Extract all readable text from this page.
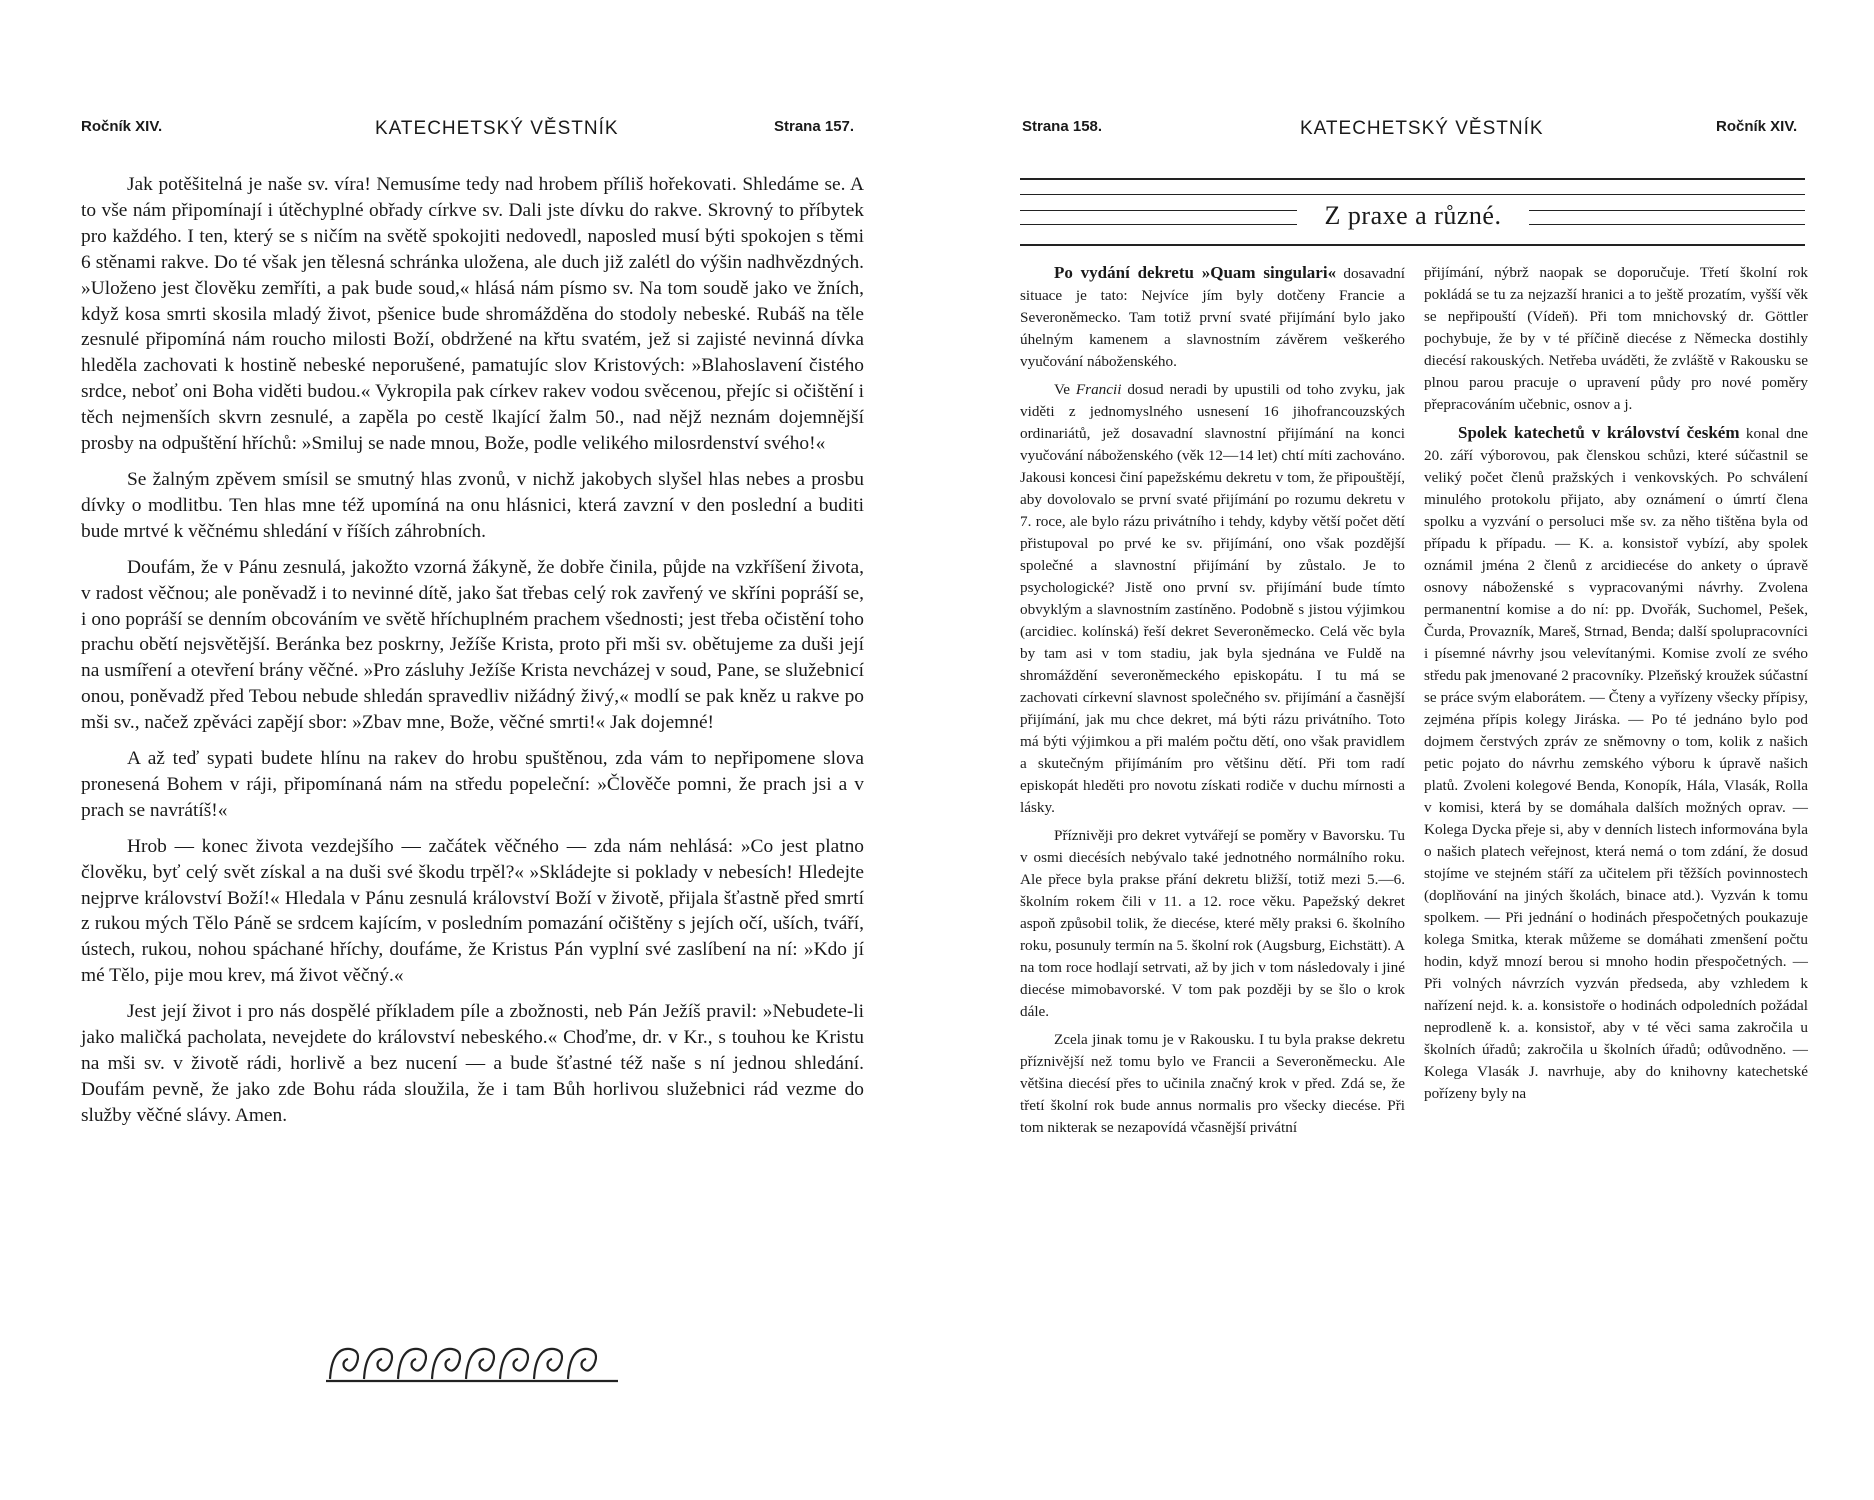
Ročník XIV.	KATECHETSKÝ VĚSTNÍK	Strana 157.

Jak potěšitelná je naše sv. víra! Nemusíme tedy nad hrobem příliš hořekovati. Shledáme se. A to vše nám připomínají i útěchyplné obřady církve sv. Dali jste dívku do rakve. Skrovný to příbytek pro každého. I ten, který se s ničím na světě spokojiti nedovedl, naposled musí býti spokojen s těmi 6 stěnami rakve. Do té však jen tělesná schránka uložena, ale duch již zalétl do výšin nadhvězdných. »Uloženo jest člověku zemříti, a pak bude soud,« hlásá nám písmo sv. Na tom soudě jako ve žních, když kosa smrti skosila mladý život, pšenice bude shromážděna do stodoly nebeské. Rubáš na těle zesnulé připomíná nám roucho milosti Boží, obdržené na křtu svatém, jež si zajisté nevinná dívka hleděla zachovati k hostině nebeské neporušené, pamatujíc slov Kristových: »Blahoslavení čistého srdce, neboť oni Boha viděti budou.« Vykropila pak církev rakev vodou svěcenou, přejíc si očištění i těch nejmenších skvrn zesnulé, a zapěla po cestě lkající žalm 50., nad nějž neznám dojemnější prosby na odpuštění hříchů: »Smiluj se nade mnou, Bože, podle velikého milosrdenství svého!«

Se žalným zpěvem smísil se smutný hlas zvonů, v nichž jakobych slyšel hlas nebes a prosbu dívky o modlitbu. Ten hlas mne též upomíná na onu hlásnici, která zavzní v den poslední a buditi bude mrtvé k věčnému shledání v říších záhrobních.

Doufám, že v Pánu zesnulá, jakožto vzorná žákyně, že dobře činila, půjde na vzkříšení života, v radost věčnou; ale poněvadž i to nevinné dítě, jako šat třebas celý rok zavřený ve skříni popráší se, i ono popráší se denním obcováním ve světě hříchuplném prachem všednosti; jest třeba očistění toho prachu obětí nejsvětější. Beránka bez poskrny, Ježíše Krista, proto při mši sv. obětujeme za duši její na usmíření a otevření brány věčné. »Pro zásluhy Ježíše Krista nevcházej v soud, Pane, se služebnicí onou, poněvadž před Tebou nebude shledán spravedliv nižádný živý,« modlí se pak kněz u rakve po mši sv., načež zpěváci zapějí sbor: »Zbav mne, Bože, věčné smrti!« Jak dojemné!

A až teď sypati budete hlínu na rakev do hrobu spuštěnou, zda vám to nepřipomene slova pronesená Bohem v ráji, připomínaná nám na středu popeleční: »Člověče pomni, že prach jsi a v prach se navrátíš!«

Hrob — konec života vezdejšího — začátek věčného — zda nám nehlásá: »Co jest platno člověku, byť celý svět získal a na duši své škodu trpěl?« »Skládejte si poklady v nebesích! Hledejte nejprve království Boží!« Hledala v Pánu zesnulá království Boží v životě, přijala šťastně před smrtí z rukou mých Tělo Páně se srdcem kajícím, v posledním pomazání očištěny s jejích očí, uších, tváří, ústech, rukou, nohou spáchané hříchy, doufáme, že Kristus Pán vyplní své zaslíbení na ní: »Kdo jí mé Tělo, pije mou krev, má život věčný.«

Jest její život i pro nás dospělé příkladem píle a zbožnosti, neb Pán Ježíš pravil: »Nebudete-li jako maličká pacholata, nevejdete do království nebeského.« Choďme, dr. v Kr., s touhou ke Kristu na mši sv. v životě rádi, horlivě a bez nucení — a bude šťastné též naše s ní jednou shledání. Doufám pevně, že jako zde Bohu ráda sloužila, že i tam Bůh horlivou služebnici rád vezme do služby věčné slávy. Amen.

Strana 158.	KATECHETSKÝ VĚSTNÍK	Ročník XIV.
Z praxe a různé.

Po vydání dekretu »Quam singulari« dosavadní situace je tato: Nejvíce jím byly dotčeny Francie a Severoněmecko. Tam totiž první svaté přijímání bylo jako úhelným kamenem a slavnostním závěrem veškerého vyučování náboženského.

Ve Francii dosud neradi by upustili od toho zvyku, jak viděti z jednomyslného usnesení 16 jihofrancouzských ordinariátů, jež dosavadní slavnostní přijímání na konci vyučování náboženského (věk 12—14 let) chtí míti zachováno. Jakousi koncesi činí papežskému dekretu v tom, že připouštějí, aby dovolovalo se první svaté přijímání po rozumu dekretu v 7. roce, ale bylo rázu privátního i tehdy, kdyby větší počet dětí přistupoval po prvé ke sv. přijímání, ono však pozdější společné a slavnostní přijímání by zůstalo. Je to psychologické? Jistě ono první sv. přijímání bude tímto obvyklým a slavnostním zastíněno. Podobně s jistou výjimkou (arcidiec. kolínská) řeší dekret Severoněmecko. Celá věc byla by tam asi v tom stadiu, jak byla sjednána ve Fuldě na shromáždění severoněmeckého episkopátu. I tu má se zachovati církevní slavnost společného sv. přijímání a časnější přijímání, jak mu chce dekret, má býti rázu privátního. Toto má býti výjimkou a při malém počtu dětí, ono však pravidlem a skutečným přijímáním pro většinu dětí. Při tom radí episkopát hleděti pro novotu získati rodiče v duchu mírnosti a lásky.

Příznivěji pro dekret vytvářejí se poměry v Bavorsku. Tu v osmi diecésích nebývalo také jednotného normálního roku. Ale přece byla prakse přání dekretu bližší, totiž mezi 5.—6. školním rokem čili v 11. a 12. roce věku. Papežský dekret aspoň způsobil tolik, že diecése, které měly praksi 6. školního roku, posunuly termín na 5. školní rok (Augsburg, Eichstätt). A na tom roce hodlají setrvati, až by jich v tom následovaly i jiné diecése mimobavorské. V tom pak později by se šlo o krok dále.

Zcela jinak tomu je v Rakousku. I tu byla prakse dekretu příznivější než tomu bylo ve Francii a Severoněmecku. Ale většina diecésí přes to učinila značný krok v před. Zdá se, že třetí školní rok bude annus normalis pro všecky diecése. Při tom nikterak se nezapovídá včasnější privátní

přijímání, nýbrž naopak se doporučuje. Třetí školní rok pokládá se tu za nejzazší hranici a to ještě prozatím, vyšší věk se nepřipouští (Vídeň). Při tom mnichovský dr. Göttler pochybuje, že by v té příčině diecése z Německa dostihly diecésí rakouských. Netřeba uváděti, že zvláště v Rakousku se plnou parou pracuje o upravení půdy pro nové poměry přepracováním učebnic, osnov a j.

Spolek katechetů v království českém konal dne 20. září výborovou, pak členskou schůzi, které súčastnil se veliký počet členů pražských i venkovských. Po schválení minulého protokolu přijato, aby oznámení o úmrtí člena spolku a vyzvání o persoluci mše sv. za něho tištěna byla od případu k případu. — K. a. konsistoř vybízí, aby spolek oznámil jména 2 členů z arcidiecése do ankety o úpravě osnovy náboženské s vypracovanými návrhy. Zvolena permanentní komise a do ní: pp. Dvořák, Suchomel, Pešek, Čurda, Provazník, Mareš, Strnad, Benda; další spolupracovníci i písemné návrhy jsou velevítanými. Komise zvolí ze svého středu pak jmenované 2 pracovníky. Plzeňský kroužek súčastní se práce svým elaborátem. — Čteny a vyřízeny všecky přípisy, zejména přípis kolegy Jiráska. — Po té jednáno bylo pod dojmem čerstvých zpráv ze sněmovny o tom, kolik z našich petic pojato do návrhu zemského výboru k úpravě našich platů. Zvoleni kolegové Benda, Konopík, Hála, Vlasák, Rolla v komisi, která by se domáhala dalších možných oprav. — Kolega Dycka přeje si, aby v denních listech informována byla o našich platech veřejnost, která nemá o tom zdání, že dosud stojíme ve stejném stáří za učitelem při těžších povinnostech (doplňování na jiných školách, binace atd.). Vyzván k tomu spolkem. — Při jednání o hodinách přespočetných poukazuje kolega Smitka, kterak můžeme se domáhati zmenšení počtu hodin, když mnozí berou si mnoho hodin přespočetných. — Při volných návrzích vyzván předseda, aby vzhledem k nařízení nejd. k. a. konsistoře o hodinách odpoledních požádal neprodleně k. a. konsistoř, aby v té věci sama zakročila u školních úřadů; zakročila u školních úřadů; odůvodněno. — Kolega Vlasák J. navrhuje, aby do knihovny katechetské pořízeny byly na
